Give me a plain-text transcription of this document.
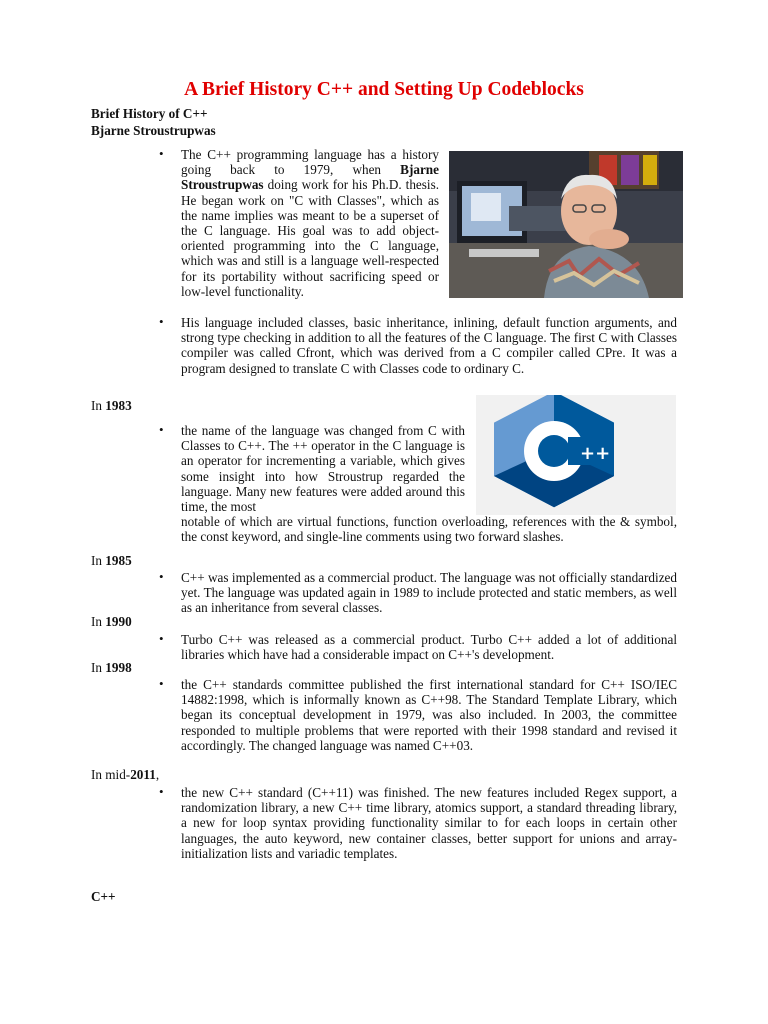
A Brief History C++ and Setting Up Codeblocks

Brief History of C++

Bjarne Stroustrupwas

• The C++ programming language has a history going back to 1979, when Bjarne Stroustrupwas doing work for his Ph.D. thesis. He began work on "C with Classes", which as the name implies was meant to be a superset of the C language. His goal was to add object-oriented programming into the C language, which was and still is a language well-respected for its portability without sacrificing speed or low-level functionality.

• His language included classes, basic inheritance, inlining, default function arguments, and strong type checking in addition to all the features of the C language. The first C with Classes compiler was called Cfront, which was derived from a C compiler called CPre. It was a program designed to translate C with Classes code to ordinary C.

In 1983

++
• the name of the language was changed from C with Classes to C++. The ++ operator in the C language is an operator for incrementing a variable, which gives some insight into how Stroustrup regarded the language. Many new features were added around this time, the most

notable of which are virtual functions, function overloading, references with the & symbol, the const keyword, and single-line comments using two forward slashes.

In 1985

• C++ was implemented as a commercial product. The language was not officially standardized yet. The language was updated again in 1989 to include protected and static members, as well as an inheritance from several classes.

In 1990

• Turbo C++ was released as a commercial product. Turbo C++ added a lot of additional libraries which have had a considerable impact on C++'s development.

In 1998

• the C++ standards committee published the first international standard for C++ ISO/IEC 14882:1998, which is informally known as C++98. The Standard Template Library, which began its conceptual development in 1979, was also included. In 2003, the committee responded to multiple problems that were reported with their 1998 standard and revised it accordingly. The changed language was named C++03.

In mid-2011,

• the new C++ standard (C++11) was finished. The new features included Regex support, a randomization library, a new C++ time library, atomics support, a standard threading library, a new for loop syntax providing functionality similar to for each loops in certain other languages, the auto keyword, new container classes, better support for unions and array-initialization lists and variadic templates.

C++
